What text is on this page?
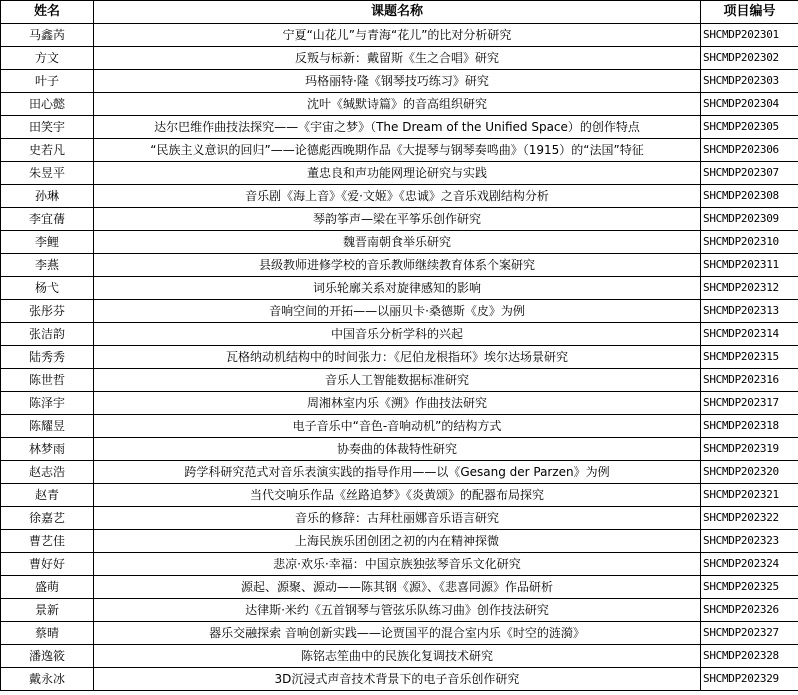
姓名	课题名称	项目编号
马鑫芮	宁夏“山花儿”与青海“花儿”的比对分析研究	SHCMDP202301
方文	反叛与标新：戴留斯《生之合唱》研究	SHCMDP202302
叶子	玛格丽特·隆《钢琴技巧练习》研究	SHCMDP202303
田心懿	沈叶《缄默诗篇》的音高组织研究	SHCMDP202304
田笑宇	达尔巴维作曲技法探究——《宇宙之梦》（The Dream of the Unified Space）的创作特点	SHCMDP202305
史若凡	“民族主义意识的回归”——论德彪西晚期作品《大提琴与钢琴奏鸣曲》（1915）的“法国”特征	SHCMDP202306
朱昱平	董忠良和声功能网理论研究与实践	SHCMDP202307
孙琳	音乐剧《海上音》《爱·文姬》《忠诚》之音乐戏剧结构分析	SHCMDP202308
李宜蒨	琴韵筝声—梁在平筝乐创作研究	SHCMDP202309
李鲤	魏晋南朝食举乐研究	SHCMDP202310
李燕	县级教师进修学校的音乐教师继续教育体系个案研究	SHCMDP202311
杨弋	词乐轮廓关系对旋律感知的影响	SHCMDP202312
张彤芬	音响空间的开拓——以丽贝卡·桑德斯《皮》为例	SHCMDP202313
张洁韵	中国音乐分析学科的兴起	SHCMDP202314
陆秀秀	瓦格纳动机结构中的时间张力：《尼伯龙根指环》埃尔达场景研究	SHCMDP202315
陈世哲	音乐人工智能数据标准研究	SHCMDP202316
陈泽宇	周湘林室内乐《溯》作曲技法研究	SHCMDP202317
陈耀昱	电子音乐中“音色-音响动机”的结构方式	SHCMDP202318
林梦雨	协奏曲的体裁特性研究	SHCMDP202319
赵志浩	跨学科研究范式对音乐表演实践的指导作用——以《Gesang der Parzen》为例	SHCMDP202320
赵青	当代交响乐作品《丝路追梦》《炎黄颂》的配器布局探究	SHCMDP202321
徐嘉艺	音乐的修辞：古拜杜丽娜音乐语言研究	SHCMDP202322
曹艺佳	上海民族乐团创团之初的内在精神探微	SHCMDP202323
曹好好	悲凉·欢乐·幸福：中国京族独弦琴音乐文化研究	SHCMDP202324
盛萌	源起、源聚、源动——陈其钢《源》、《悲喜同源》作品研析	SHCMDP202325
景新	达律斯·米约《五首钢琴与管弦乐队练习曲》创作技法研究	SHCMDP202326
蔡晴	器乐交融探索 音响创新实践——论贾国平的混合室内乐《时空的涟漪》	SHCMDP202327
潘逸筱	陈铭志笙曲中的民族化复调技术研究	SHCMDP202328
戴永冰	3D沉浸式声音技术背景下的电子音乐创作研究	SHCMDP202329
